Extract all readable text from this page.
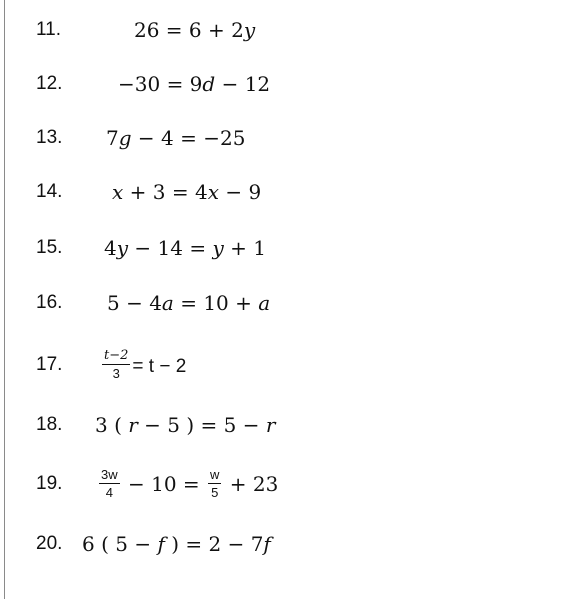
11.	26 = 6 + 2y
12.	−30 = 9d − 12
13. 7g − 4 = −25
14. x + 3 = 4x − 9
15. 4y − 14 = y + 1
16. 5 − 4a = 10 + a
17.	$\frac{t-2}{3} = t - 2$
18. 3 ( r − 5 ) = 5 − r
19.	$\frac{3w}{4} - 10 = \frac{w}{5} + 23$
20. 6 ( 5 − f ) = 2 − 7f
